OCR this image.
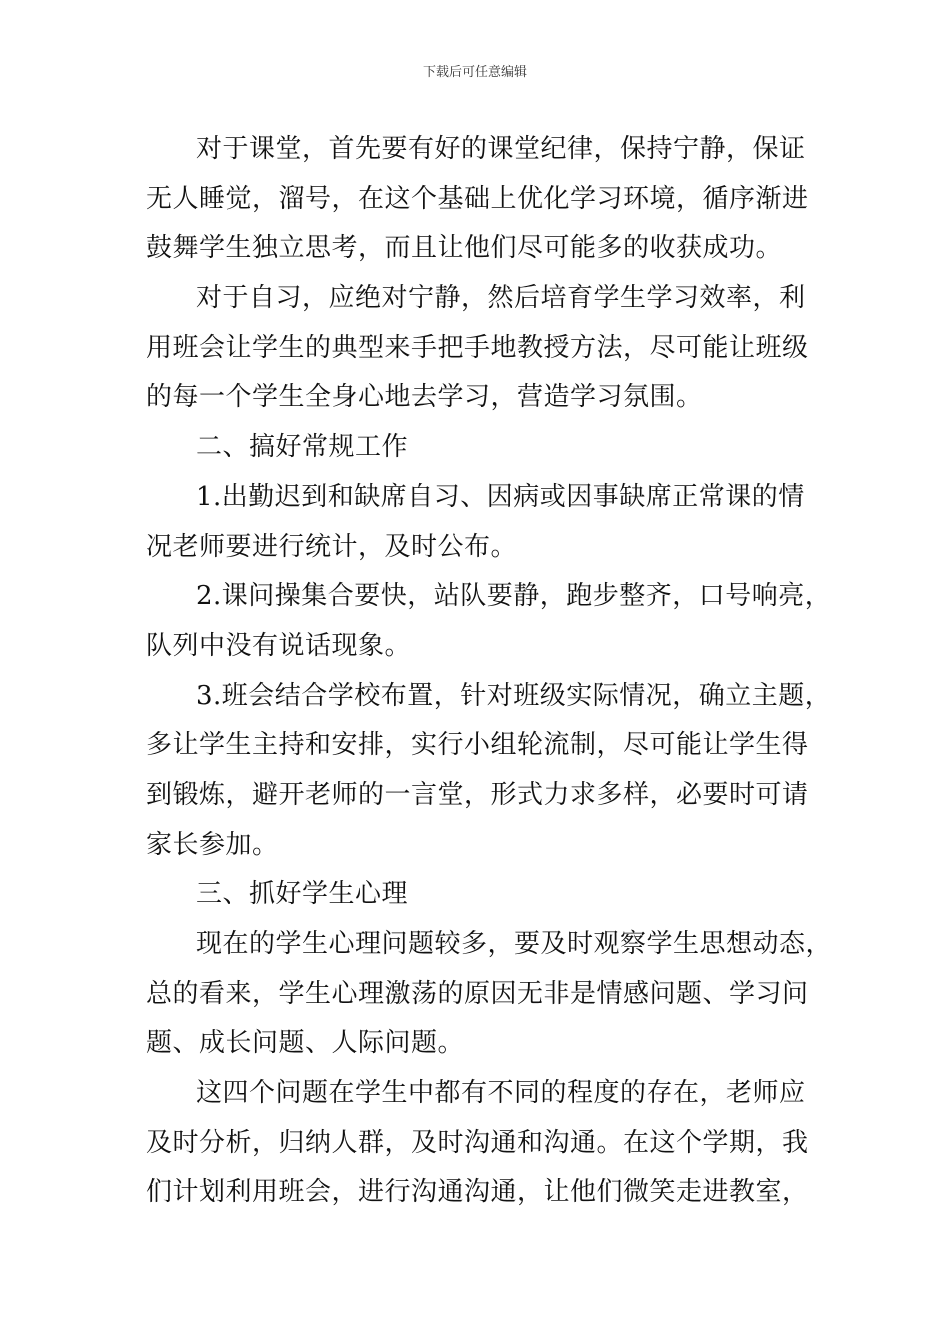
下载后可任意编辑
对于课堂，首先要有好的课堂纪律，保持宁静，保证
无人睡觉，溜号，在这个基础上优化学习环境，循序渐进
鼓舞学生独立思考，而且让他们尽可能多的收获成功。
对于自习，应绝对宁静，然后培育学生学习效率，利
用班会让学生的典型来手把手地教授方法，尽可能让班级
的每一个学生全身心地去学习，营造学习氛围。
二、搞好常规工作
1.出勤迟到和缺席自习、因病或因事缺席正常课的情
况老师要进行统计，及时公布。
2.课问操集合要快，站队要静，跑步整齐，口号响亮，
队列中没有说话现象。
3.班会结合学校布置，针对班级实际情况，确立主题，
多让学生主持和安排，实行小组轮流制，尽可能让学生得
到锻炼，避开老师的一言堂，形式力求多样，必要时可请
家长参加。
三、抓好学生心理
现在的学生心理问题较多，要及时观察学生思想动态，
总的看来，学生心理激荡的原因无非是情感问题、学习问
题、成长问题、人际问题。
这四个问题在学生中都有不同的程度的存在，老师应
及时分析，归纳人群，及时沟通和沟通。在这个学期，我
们计划利用班会，进行沟通沟通，让他们微笑走进教室，
